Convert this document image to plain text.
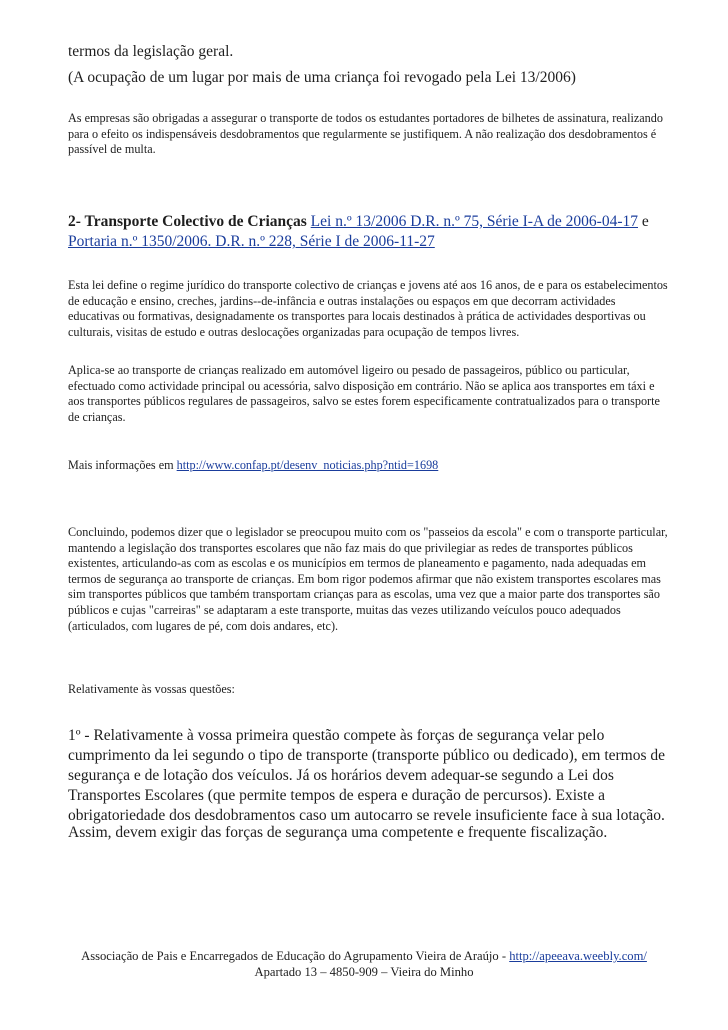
termos da legislação geral.
(A ocupação de um lugar por mais de uma criança foi revogado pela Lei 13/2006)
As empresas são obrigadas a assegurar o transporte de todos os estudantes portadores de bilhetes de assinatura, realizando para o efeito os indispensáveis desdobramentos que regularmente se justifiquem. A não realização dos desdobramentos é passível de multa.
2- Transporte Colectivo de Crianças Lei n.º 13/2006 D.R. n.º 75, Série I-A de 2006-04-17 e Portaria n.º 1350/2006. D.R. n.º 228, Série I de 2006-11-27
Esta lei define o regime jurídico do transporte colectivo de crianças e jovens até aos 16 anos, de e para os estabelecimentos de educação e ensino, creches, jardins--de-infância e outras instalações ou espaços em que decorram actividades educativas ou formativas, designadamente os transportes para locais destinados à prática de actividades desportivas ou culturais, visitas de estudo e outras deslocações organizadas para ocupação de tempos livres.
Aplica-se ao transporte de crianças realizado em automóvel ligeiro ou pesado de passageiros, público ou particular, efectuado como actividade principal ou acessória, salvo disposição em contrário. Não se aplica aos transportes em táxi e aos transportes públicos regulares de passageiros, salvo se estes forem especificamente contratualizados para o transporte de crianças.
Mais informações em http://www.confap.pt/desenv_noticias.php?ntid=1698
Concluindo, podemos dizer que o legislador se preocupou muito com os "passeios da escola" e com o transporte particular, mantendo a legislação dos transportes escolares que não faz mais do que privilegiar as redes de transportes públicos existentes, articulando-as com as escolas e os municípios em termos de planeamento e pagamento, nada adequadas em termos de segurança ao transporte de crianças. Em bom rigor podemos afirmar que não existem transportes escolares mas sim transportes públicos que também transportam crianças para as escolas, uma vez que a maior parte dos transportes são públicos e cujas "carreiras" se adaptaram a este transporte, muitas das vezes utilizando veículos pouco adequados (articulados, com lugares de pé, com dois andares, etc).
Relativamente às vossas questões:
1º - Relativamente à vossa primeira questão compete às forças de segurança velar pelo cumprimento da lei segundo o tipo de transporte (transporte público ou dedicado), em termos de segurança e de lotação dos veículos. Já os horários devem adequar-se segundo a Lei dos Transportes Escolares (que permite tempos de espera e duração de percursos). Existe a obrigatoriedade dos desdobramentos caso um autocarro se revele insuficiente face à sua lotação.
Assim, devem exigir das forças de segurança uma competente e frequente fiscalização.
Associação de Pais e Encarregados de Educação do Agrupamento Vieira de Araújo - http://apeeava.weebly.com/
Apartado 13 – 4850-909 – Vieira do Minho
